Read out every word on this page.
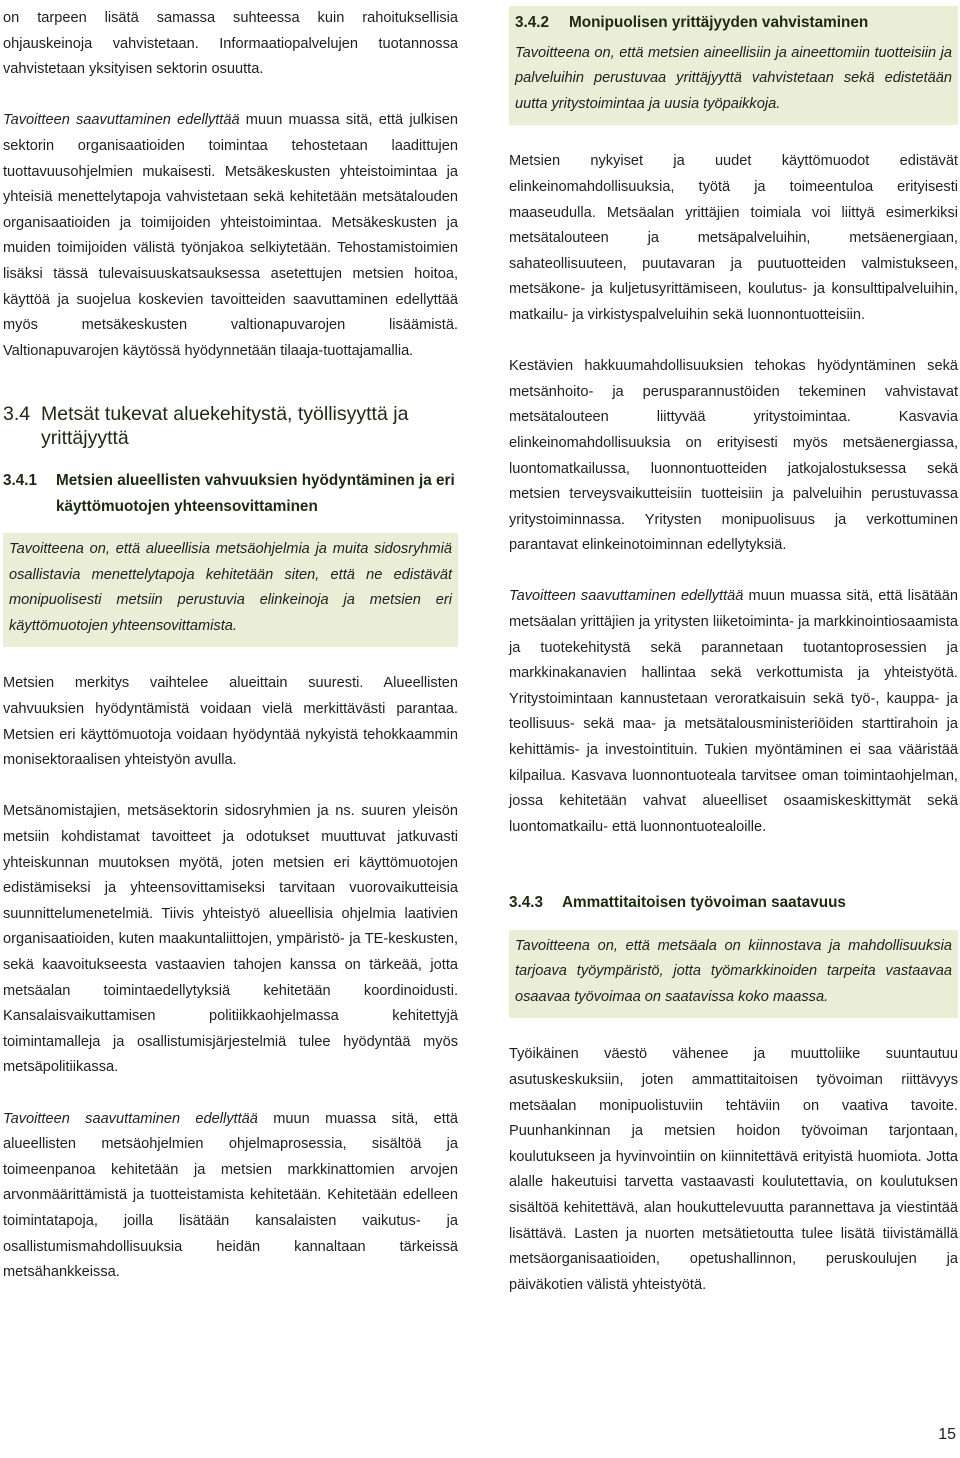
on tarpeen lisätä samassa suhteessa kuin rahoituksellisia ohjauskeinoja vahvistetaan. Informaatiopalvelujen tuotannossa vahvistetaan yksityisen sektorin osuutta.

Tavoitteen saavuttaminen edellyttää muun muassa sitä, että julkisen sektorin organisaatioiden toimintaa tehostetaan laadittujen tuottavuusohjelmien mukaisesti. Metsäkeskusten yhteistoimintaa ja yhteisiä menettelytapoja vahvistetaan sekä kehitetään metsätalouden organisaatioiden ja toimijoiden yhteistoimintaa. Metsäkeskusten ja muiden toimijoiden välistä työnjakoa selkiytetään. Tehostamistoimien lisäksi tässä tulevaisuuskatsauksessa asetettujen metsien hoitoa, käyttöä ja suojelua koskevien tavoitteiden saavuttaminen edellyttää myös metsäkeskusten valtionapuvarojen lisäämistä. Valtionapuvarojen käytössä hyödynnetään tilaaja-tuottajamallia.

3.4 Metsät tukevat aluekehitystä, työllisyyttä ja yrittäjyyttä
3.4.1	Metsien alueellisten vahvuuksien hyödyntäminen ja eri käyttömuotojen yhteensovittaminen

Tavoitteena on, että alueellisia metsäohjelmia ja muita sidosryhmiä osallistavia menettelytapoja kehitetään siten, että ne edistävät monipuolisesti metsiin perustuvia elinkeinoja ja metsien eri käyttömuotojen yhteensovittamista.

Metsien merkitys vaihtelee alueittain suuresti. Alueellisten vahvuuksien hyödyntämistä voidaan vielä merkittävästi parantaa. Metsien eri käyttömuotoja voidaan hyödyntää nykyistä tehokkaammin monisektoraalisen yhteistyön avulla.

Metsänomistajien, metsäsektorin sidosryhmien ja ns. suuren yleisön metsiin kohdistamat tavoitteet ja odotukset muuttuvat jatkuvasti yhteiskunnan muutoksen myötä, joten metsien eri käyttömuotojen edistämiseksi ja yhteensovittamiseksi tarvitaan vuorovaikutteisia suunnittelumenetelmiä. Tiivis yhteistyö alueellisia ohjelmia laativien organisaatioiden, kuten maakuntaliittojen, ympäristö- ja TE-keskusten, sekä kaavoitukseesta vastaavien tahojen kanssa on tärkeää, jotta metsäalan toimintaedellytyksiä kehitetään koordinoidusti. Kansalaisvaikuttamisen politiikkaohjelmassa kehitettyjä toimintamalleja ja osallistumisjärjestelmiä tulee hyödyntää myös metsäpolitiikassa.

Tavoitteen saavuttaminen edellyttää muun muassa sitä, että alueellisten metsäohjelmien ohjelmaprosessia, sisältöä ja toimeenpanoa kehitetään ja metsien markkinattomien arvojen arvonmäärittämistä ja tuotteistamista kehitetään. Kehitetään edelleen toimintatapoja, joilla lisätään kansalaisten vaikutus- ja osallistumismahdollisuuksia heidän kannaltaan tärkeissä metsähankkeissa.

3.4.2	Monipuolisen yrittäjyyden vahvistaminen

Tavoitteena on, että metsien aineellisiin ja aineettomiin tuotteisiin ja palveluihin perustuvaa yrittäjyyttä vahvistetaan sekä edistetään uutta yritystoimintaa ja uusia työpaikkoja.

Metsien nykyiset ja uudet käyttömuodot edistävät elinkeinomahdollisuuksia, työtä ja toimeentuloa erityisesti maaseudulla. Metsäalan yrittäjien toimiala voi liittyä esimerkiksi metsätalouteen ja metsäpalveluihin, metsäenergiaan, sahateollisuuteen, puutavaran ja puutuotteiden valmistukseen, metsäkone- ja kuljetusyrittämiseen, koulutus- ja konsulttipalveluihin, matkailu- ja virkistyspalveluihin sekä luonnontuotteisiin.

Kestävien hakkuumahdollisuuksien tehokas hyödyntäminen sekä metsänhoito- ja perusparannustöiden tekeminen vahvistavat metsätalouteen liittyvää yritystoimintaa. Kasvavia elinkeinomahdollisuuksia on erityisesti myös metsäenergiassa, luontomatkailussa, luonnontuotteiden jatkojalostuksessa sekä metsien terveysvaikutteisiin tuotteisiin ja palveluihin perustuvassa yritystoiminnassa. Yritysten monipuolisuus ja verkottuminen parantavat elinkeinotoiminnan edellytyksiä.

Tavoitteen saavuttaminen edellyttää muun muassa sitä, että lisätään metsäalan yrittäjien ja yritysten liiketoiminta- ja markkinointiosaamista ja tuotekehitystä sekä parannetaan tuotantoprosessien ja markkinakanavien hallintaa sekä verkottumista ja yhteistyötä. Yritystoimintaan kannustetaan veroratkaisuin sekä työ-, kauppa- ja teollisuus- sekä maa- ja metsätalousministeriöiden starttirahoin ja kehittämis- ja investointituin. Tukien myöntäminen ei saa vääristää kilpailua. Kasvava luonnontuoteala tarvitsee oman toimintaohjelman, jossa kehitetään vahvat alueelliset osaamiskeskittymät sekä luontomatkailu- että luonnontuotealoille.

3.4.3	Ammattitaitoisen työvoiman saatavuus

Tavoitteena on, että metsäala on kiinnostava ja mahdollisuuksia tarjoava työympäristö, jotta työmarkkinoiden tarpeita vastaavaa osaavaa työvoimaa on saatavissa koko maassa.

Työikäinen väestö vähenee ja muuttoliike suuntautuu asutuskeskuksiin, joten ammattitaitoisen työvoiman riittävyys metsäalan monipuolistuviin tehtäviin on vaativa tavoite. Puunhankinnan ja metsien hoidon työvoiman tarjontaan, koulutukseen ja hyvinvointiin on kiinnitettävä erityistä huomiota. Jotta alalle hakeutuisi tarvetta vastaavasti koulutettavia, on koulutuksen sisältöä kehitettävä, alan houkuttelevuutta parannettava ja viestintää lisättävä. Lasten ja nuorten metsätietoutta tulee lisätä tiivistämällä metsäorganisaatioiden, opetushallinnon, peruskoulujen ja päiväkotien välistä yhteistyötä.

15
